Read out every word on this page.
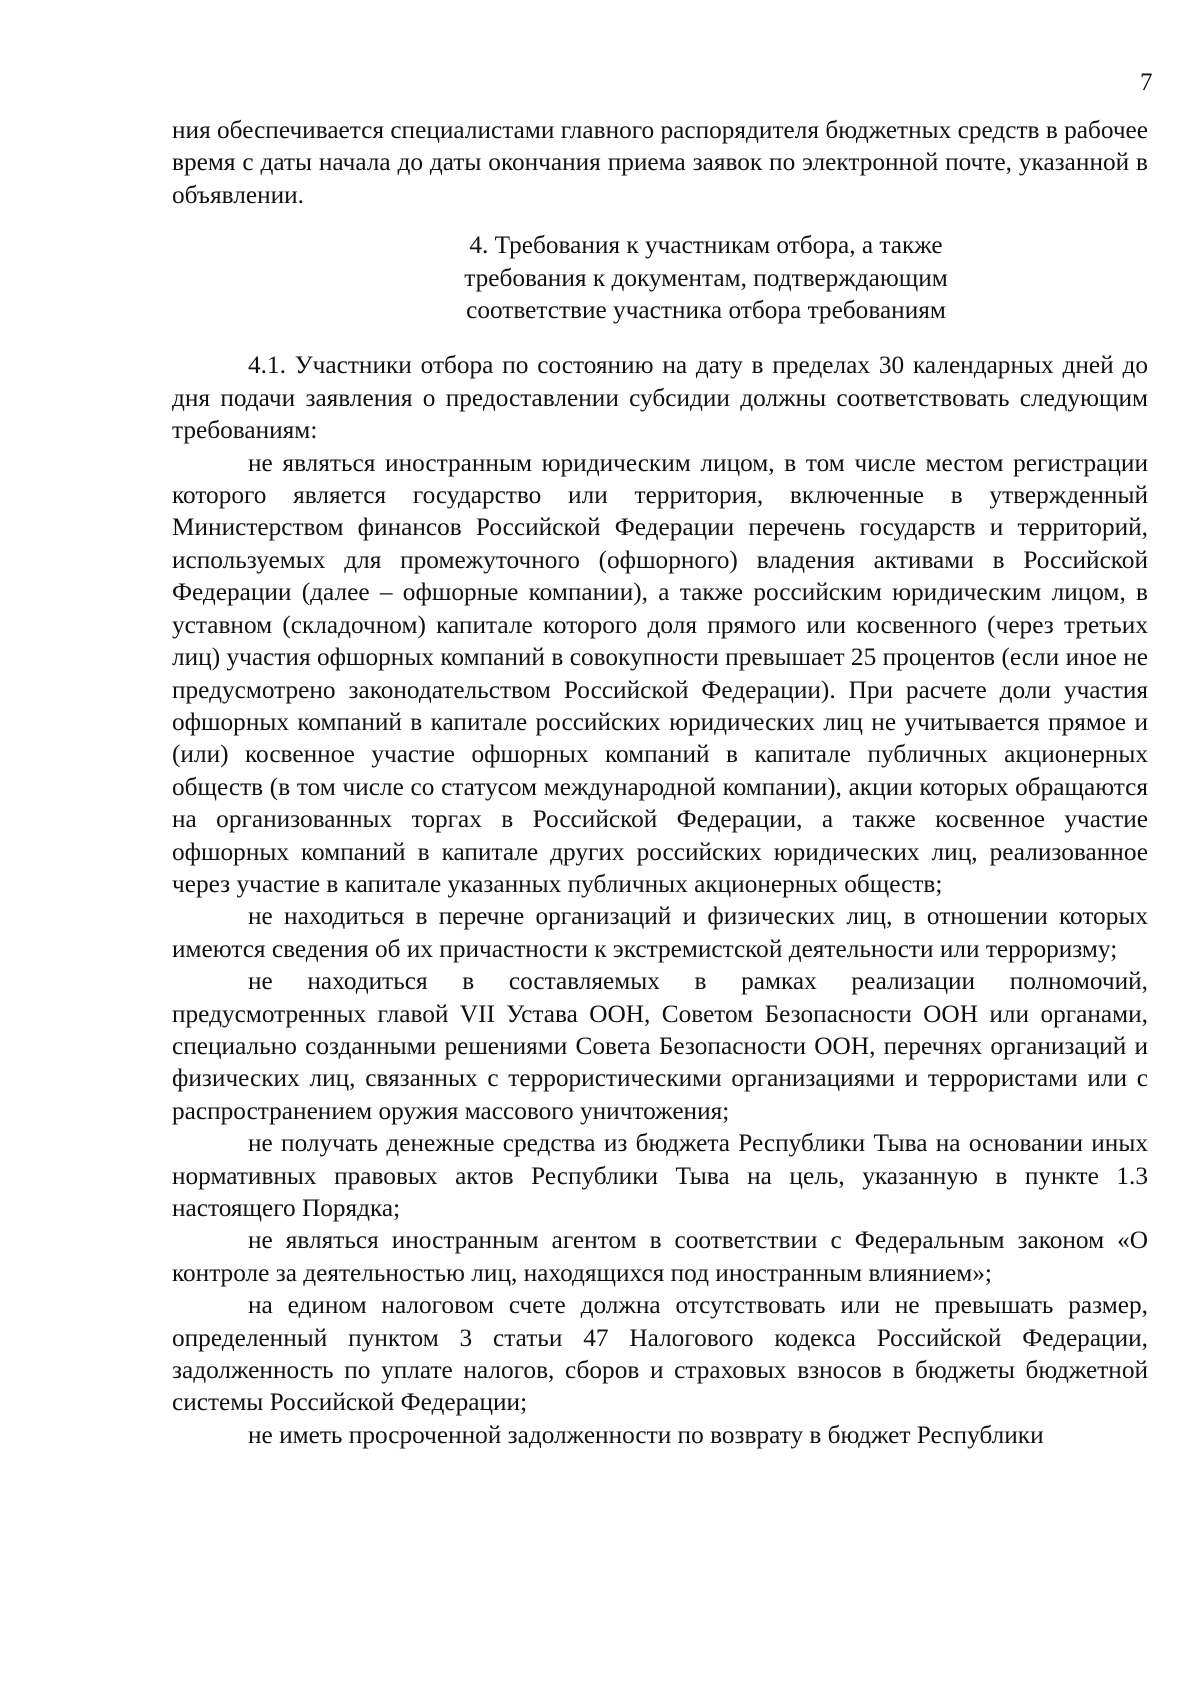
7

ния обеспечивается специалистами главного распорядителя бюджетных средств в рабочее время с даты начала до даты окончания приема заявок по электронной почте, указанной в объявлении.

4. Требования к участникам отбора, а также
требования к документам, подтверждающим
соответствие участника отбора требованиям

4.1. Участники отбора по состоянию на дату в пределах 30 календарных дней до дня подачи заявления о предоставлении субсидии должны соответствовать следующим требованиям:

не являться иностранным юридическим лицом, в том числе местом регистрации которого является государство или территория, включенные в утвержденный Министерством финансов Российской Федерации перечень государств и территорий, используемых для промежуточного (офшорного) владения активами в Российской Федерации (далее – офшорные компании), а также российским юридическим лицом, в уставном (складочном) капитале которого доля прямого или косвенного (через третьих лиц) участия офшорных компаний в совокупности превышает 25 процентов (если иное не предусмотрено законодательством Российской Федерации). При расчете доли участия офшорных компаний в капитале российских юридических лиц не учитывается прямое и (или) косвенное участие офшорных компаний в капитале публичных акционерных обществ (в том числе со статусом международной компании), акции которых обращаются на организованных торгах в Российской Федерации, а также косвенное участие офшорных компаний в капитале других российских юридических лиц, реализованное через участие в капитале указанных публичных акционерных обществ;

не находиться в перечне организаций и физических лиц, в отношении которых имеются сведения об их причастности к экстремистской деятельности или терроризму;

не находиться в составляемых в рамках реализации полномочий, предусмотренных главой VII Устава ООН, Советом Безопасности ООН или органами, специально созданными решениями Совета Безопасности ООН, перечнях организаций и физических лиц, связанных с террористическими организациями и террористами или с распространением оружия массового уничтожения;

не получать денежные средства из бюджета Республики Тыва на основании иных нормативных правовых актов Республики Тыва на цель, указанную в пункте 1.3 настоящего Порядка;

не являться иностранным агентом в соответствии с Федеральным законом «О контроле за деятельностью лиц, находящихся под иностранным влиянием»;

на едином налоговом счете должна отсутствовать или не превышать размер, определенный пунктом 3 статьи 47 Налогового кодекса Российской Федерации, задолженность по уплате налогов, сборов и страховых взносов в бюджеты бюджетной системы Российской Федерации;

не иметь просроченной задолженности по возврату в бюджет Республики
